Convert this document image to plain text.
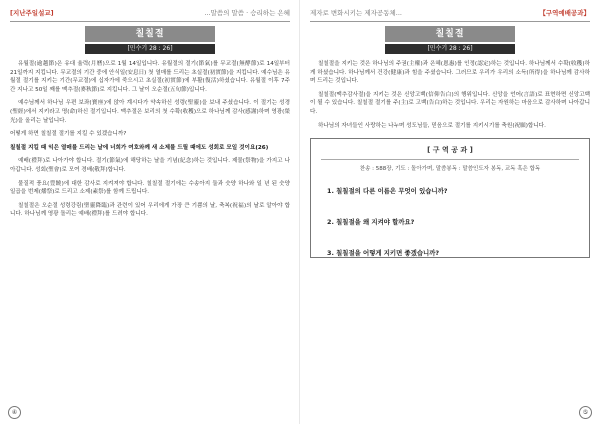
[지난주일설교]	...말씀의 말씀 · 승리하는 은혜
칠칠절
[민수기 28 : 26]

유월절(逾越節)은 유대 율력(月曆)으로 1월 14일입니다. 유월절의 절기(節氣)를 무교절(無酵節)로 14일부터 21일까지 지킵니다. 무교절의 기간 중에 안식일(安息日) 첫 열매를 드리는 초실절(初實節)을 지킵니다. 예수님은 유월절 절기를 지키는 기간(무교절)에 십자가에 죽으시고 초실절(初實節)에 부활(復活)하셨습니다. 유월절 이후 7주간 지나고 50일 째를 맥추절(麥秋節)로 지킵니다. 그 날이 오순절(五旬節)입니다.

예수님께서 하나님 우편 보좌(寶座)에 앉아 계시다가 약속하신 성령(聖靈)을 보내 주셨습니다. 이 절기는 성경(聖經)에서 지키라고 명(命)하신 절기입니다. 맥추절은 보리의 첫 수확(收穫)으로 하나님께 감사(感謝)하며 영광(榮光)을 올리는 날입니다.

어떻게 하면 칠칠절 절기를 지킬 수 있겠습니까?

칠칠절 지킬 때 익은 열매를 드리는 날에 너희가 여호와께 새 소제를 드릴 때에도 성회로 모일 것이요(26)

예배(禮拜)로 나아가야 합니다. 절기(節氣)에 해당하는 날을 기념(紀念)하는 것입니다. 제물(祭物)을 가지고 나아갑니다. 성회(聖會)로 모여 경배(敬拜)합니다.

물질적 풍요(豊饒)에 대한 감사로 지켜져야 합니다. 칠칠절 절기에는 수송아지 둘과 숫양 하나와 일 년 된 숫양 일곱을 번제(燔祭)로 드리고 소제(素祭)를 함께 드립니다.

칠칠절은 오순절 성령강림(聖靈降臨)과 관련이 있어 우리에게 가장 큰 기쁨의 날, 축복(祝福)의 날로 알아야 합니다. 하나님께 영광 돌리는 예배(禮拜)를 드려야 합니다.

④
제자로 변화시키는 제자공동체...	【구역예배공과】
칠칠절
[민수기 28 : 26]

칠칠절을 지키는 것은 하나님의 주권(主權)과 은혜(恩惠)를 인정(認定)하는 것입니다. 하나님께서 수확(收穫)하게 하셨습니다. 하나님께서 건강(健康)과 힘을 주셨습니다. 그러므로 우리가 우리의 소득(所得)을 하나님께 감사하며 드리는 것입니다.

칠칠절(맥추감사절)을 지키는 것은 신앙고백(信仰告白)의 행위입니다. 신앙을 언어(言語)로 표현하면 신앙고백이 될 수 있습니다. 칠칠절 절기를 주(主)로 고백(告白)하는 것입니다. 우리는 자원하는 마음으로 감사하며 나아갑니다.

하나님의 자녀들인 사랑하는 나누며 성도님들, 믿음으로 절기를 지키시기를 축원(祝願)합니다.

[ 구 역 공 과 ]
찬송 : 588장, 기도 : 돌아가며, 말씀봉독 : 말씀인도자 봉독, 교독 혹은 합독
1. 칠칠절의 다른 이름은 무엇이 있습니까?
2. 칠칠절을 왜 지켜야 할까요?
3. 칠칠절을 어떻게 지키면 좋겠습니까?
⑤
